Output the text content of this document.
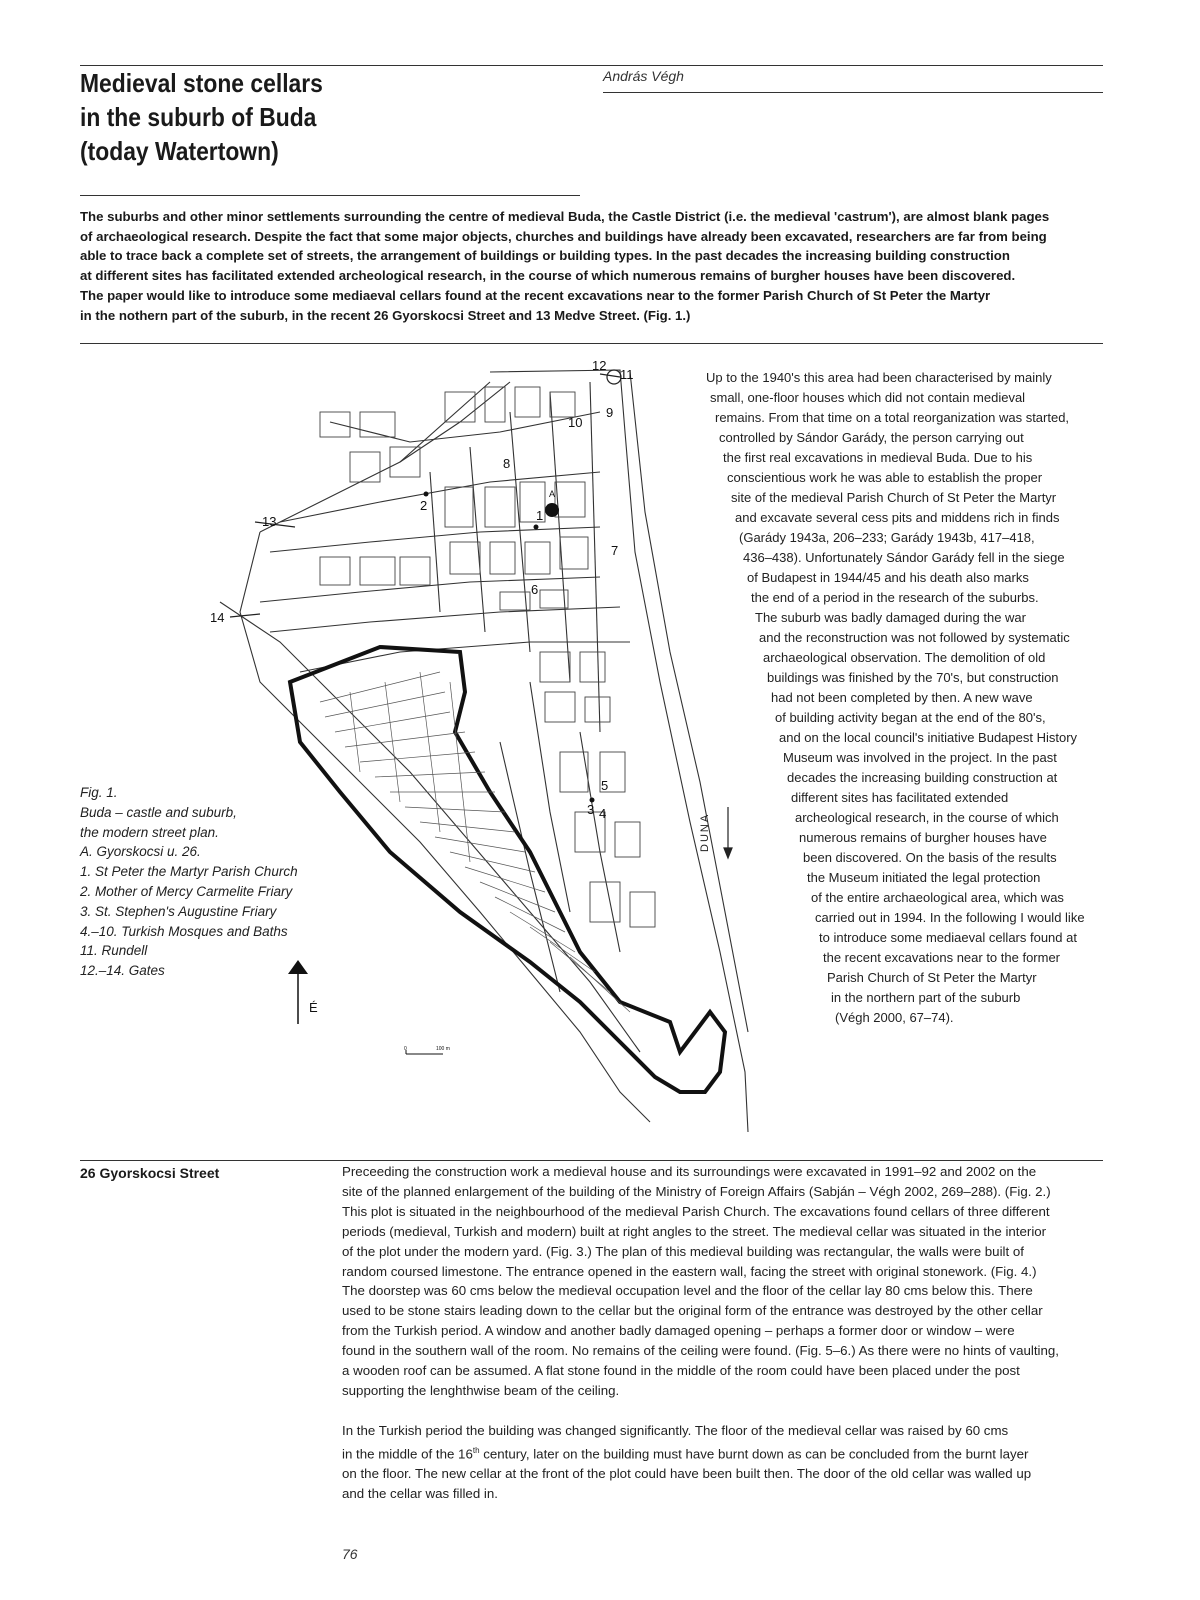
Medieval stone cellars
in the suburb of Buda
(today Watertown)
András Végh
The suburbs and other minor settlements surrounding the centre of medieval Buda, the Castle District (i.e. the medieval 'castrum'), are almost blank pages
of archaeological research. Despite the fact that some major objects, churches and buildings have already been excavated, researchers are far from being
able to trace back a complete set of streets, the arrangement of buildings or building types. In the past decades the increasing building construction
at different sites has facilitated extended archeological research, in the course of which numerous remains of burgher houses have been discovered.
The paper would like to introduce some mediaeval cellars found at the recent excavations near to the former Parish Church of St Peter the Martyr
in the nothern part of the suburb, in the recent 26 Gyorskocsi Street and 13 Medve Street. (Fig. 1.)
A
1
2
3 4
5
6
7
8
9
10
11
12
13
14
DUNA
É
0	100 m
Fig. 1.
Buda – castle and suburb,
the modern street plan.
A. Gyorskocsi u. 26.
1. St Peter the Martyr Parish Church
2. Mother of Mercy Carmelite Friary
3. St. Stephen's Augustine Friary
4.–10. Turkish Mosques and Baths
11. Rundell
12.–14. Gates
Up to the 1940's this area had been characterised by mainly
small, one-floor houses which did not contain medieval
remains. From that time on a total reorganization was started,
controlled by Sándor Garády, the person carrying out
the first real excavations in medieval Buda. Due to his
conscientious work he was able to establish the proper
site of the medieval Parish Church of St Peter the Martyr
and excavate several cess pits and middens rich in finds
(Garády 1943a, 206–233; Garády 1943b, 417–418,
436–438). Unfortunately Sándor Garády fell in the siege
of Budapest in 1944/45 and his death also marks
the end of a period in the research of the suburbs.
The suburb was badly damaged during the war
and the reconstruction was not followed by systematic
archaeological observation. The demolition of old
buildings was finished by the 70's, but construction
had not been completed by then. A new wave
of building activity began at the end of the 80's,
and on the local council's initiative Budapest History
Museum was involved in the project. In the past
decades the increasing building construction at
different sites has facilitated extended
archeological research, in the course of which
numerous remains of burgher houses have
been discovered. On the basis of the results
the Museum initiated the legal protection
of the entire archaeological area, which was
carried out in 1994. In the following I would like
to introduce some mediaeval cellars found at
the recent excavations near to the former
Parish Church of St Peter the Martyr
in the northern part of the suburb
(Végh 2000, 67–74).
26 Gyorskocsi Street	Preceeding the construction work a medieval house and its surroundings were excavated in 1991–92 and 2002 on the
site of the planned enlargement of the building of the Ministry of Foreign Affairs (Sabján – Végh 2002, 269–288). (Fig. 2.)
This plot is situated in the neighbourhood of the medieval Parish Church. The excavations found cellars of three different
periods (medieval, Turkish and modern) built at right angles to the street. The medieval cellar was situated in the interior
of the plot under the modern yard. (Fig. 3.) The plan of this medieval building was rectangular, the walls were built of
random coursed limestone. The entrance opened in the eastern wall, facing the street with original stonework. (Fig. 4.)
The doorstep was 60 cms below the medieval occupation level and the floor of the cellar lay 80 cms below this. There
used to be stone stairs leading down to the cellar but the original form of the entrance was destroyed by the other cellar
from the Turkish period. A window and another badly damaged opening – perhaps a former door or window – were
found in the southern wall of the room. No remains of the ceiling were found. (Fig. 5–6.) As there were no hints of vaulting,
a wooden roof can be assumed. A flat stone found in the middle of the room could have been placed under the post
supporting the lenghthwise beam of the ceiling.
In the Turkish period the building was changed significantly. The floor of the medieval cellar was raised by 60 cms
in the middle of the 16th century, later on the building must have burnt down as can be concluded from the burnt layer
on the floor. The new cellar at the front of the plot could have been built then. The door of the old cellar was walled up
and the cellar was filled in.
76
